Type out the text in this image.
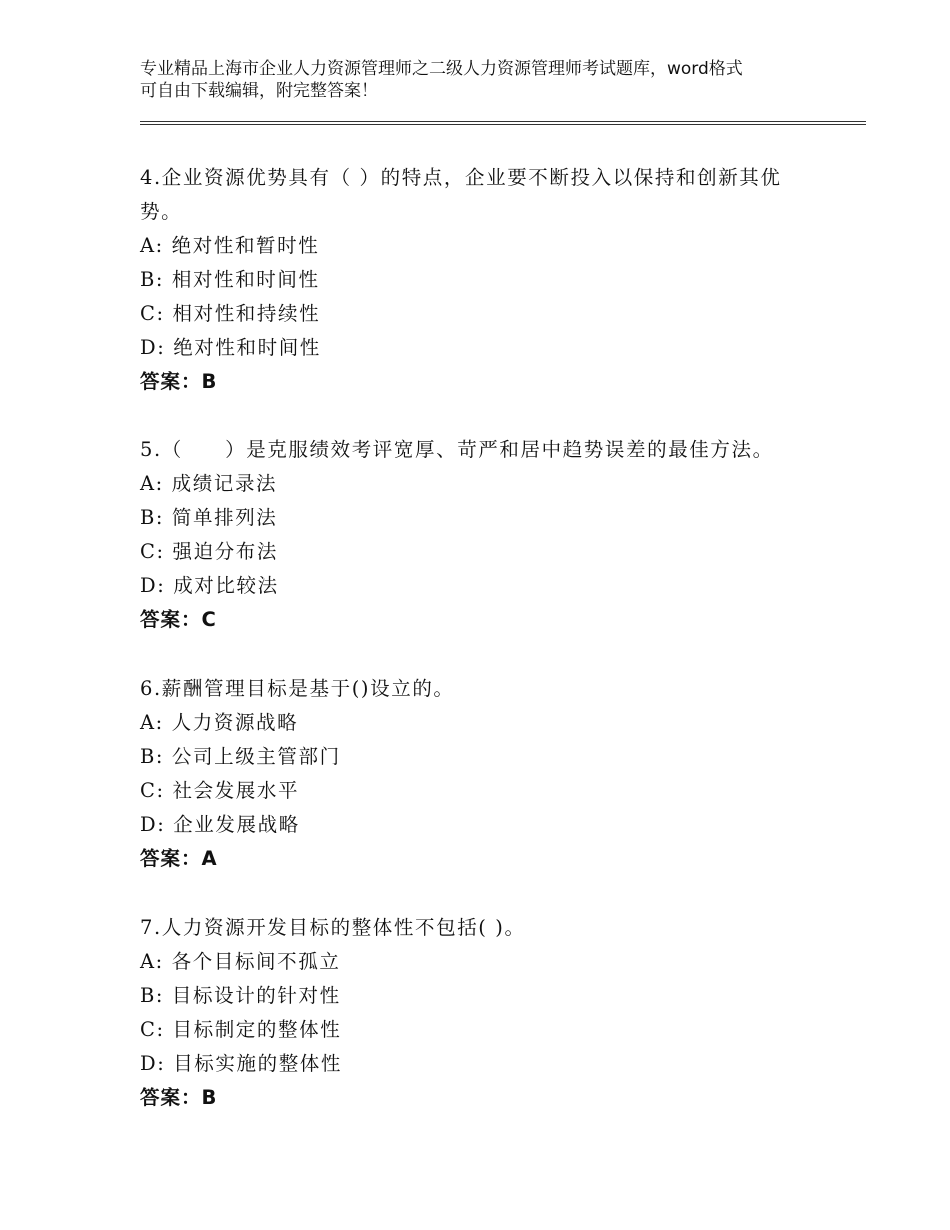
专业精品上海市企业人力资源管理师之二级人力资源管理师考试题库，word格式
可自由下载编辑，附完整答案！
4.企业资源优势具有（ ）的特点，企业要不断投入以保持和创新其优势。
A: 绝对性和暂时性
B: 相对性和时间性
C: 相对性和持续性
D: 绝对性和时间性
答案：B
5.（　　）是克服绩效考评宽厚、苛严和居中趋势误差的最佳方法。
A: 成绩记录法
B: 简单排列法
C: 强迫分布法
D: 成对比较法
答案：C
6.薪酬管理目标是基于()设立的。
A: 人力资源战略
B: 公司上级主管部门
C: 社会发展水平
D: 企业发展战略
答案：A
7.人力资源开发目标的整体性不包括( )。
A: 各个目标间不孤立
B: 目标设计的针对性
C: 目标制定的整体性
D: 目标实施的整体性
答案：B
